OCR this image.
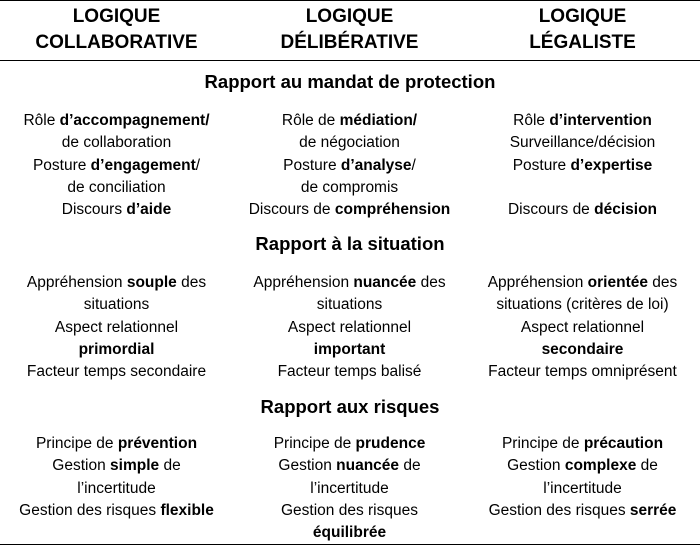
LOGIQUE
COLLABORATIVE
LOGIQUE
DÉLIBÉRATIVE
LOGIQUE
LÉGALISTE
Rapport au mandat de protection
Rôle d’accompagnement/
de collaboration
Posture d’engagement/
de conciliation
Discours d’aide
Rôle de médiation/
de négociation
Posture d’analyse/
de compromis
Discours de compréhension
Rôle d’intervention
Surveillance/décision
Posture d’expertise

Discours de décision
Rapport à la situation
Appréhension souple des
situations
Aspect relationnel
primordial
Facteur temps secondaire
Appréhension nuancée des
situations
Aspect relationnel
important
Facteur temps balisé
Appréhension orientée des
situations (critères de loi)
Aspect relationnel
secondaire
Facteur temps omniprésent
Rapport aux risques
Principe de prévention
Gestion simple de
l’incertitude
Gestion des risques flexible
Principe de prudence
Gestion nuancée de
l’incertitude
Gestion des risques
équilibrée
Principe de précaution
Gestion complexe de
l’incertitude
Gestion des risques serrée
